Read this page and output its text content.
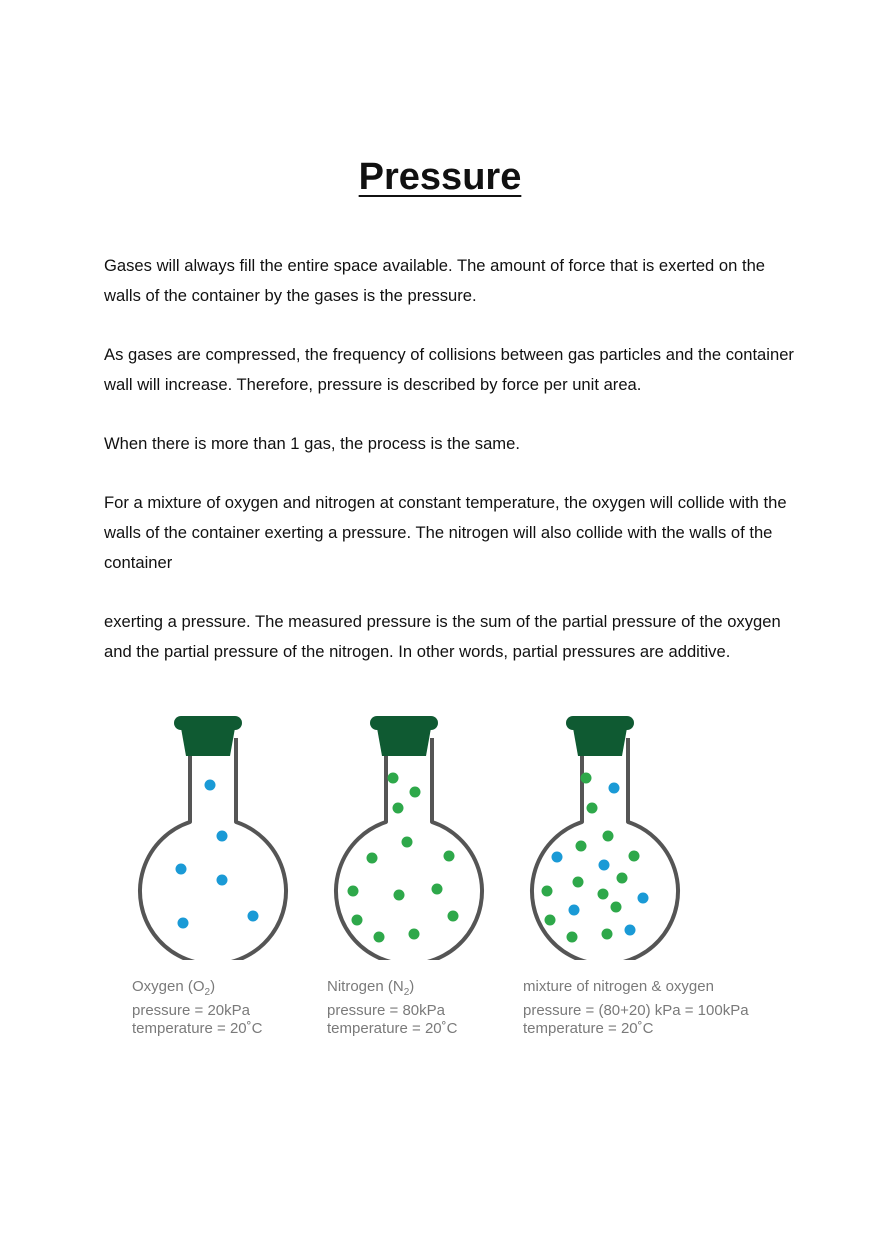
Pressure

Gases will always fill the entire space available. The amount of force that is exerted on the walls of the container by the gases is the pressure.

As gases are compressed, the frequency of collisions between gas particles and the container wall will increase. Therefore, pressure is described by force per unit area.

When there is more than 1 gas, the process is the same.

For a mixture of oxygen and nitrogen at constant temperature, the oxygen will collide with the walls of the container exerting a pressure. The nitrogen will also collide with the walls of the container

exerting a pressure. The measured pressure is the sum of the partial pressure of the oxygen and the partial pressure of the nitrogen. In other words, partial pressures are additive.

Oxygen $(O_2)$
pressure = 20kPa
temperature = 20˚C
Nitrogen $(N_2)$
pressure = 80kPa
temperature = 20˚C
mixture of nitrogen & oxygen
pressure = (80+20) kPa = 100kPa
temperature = 20˚C
